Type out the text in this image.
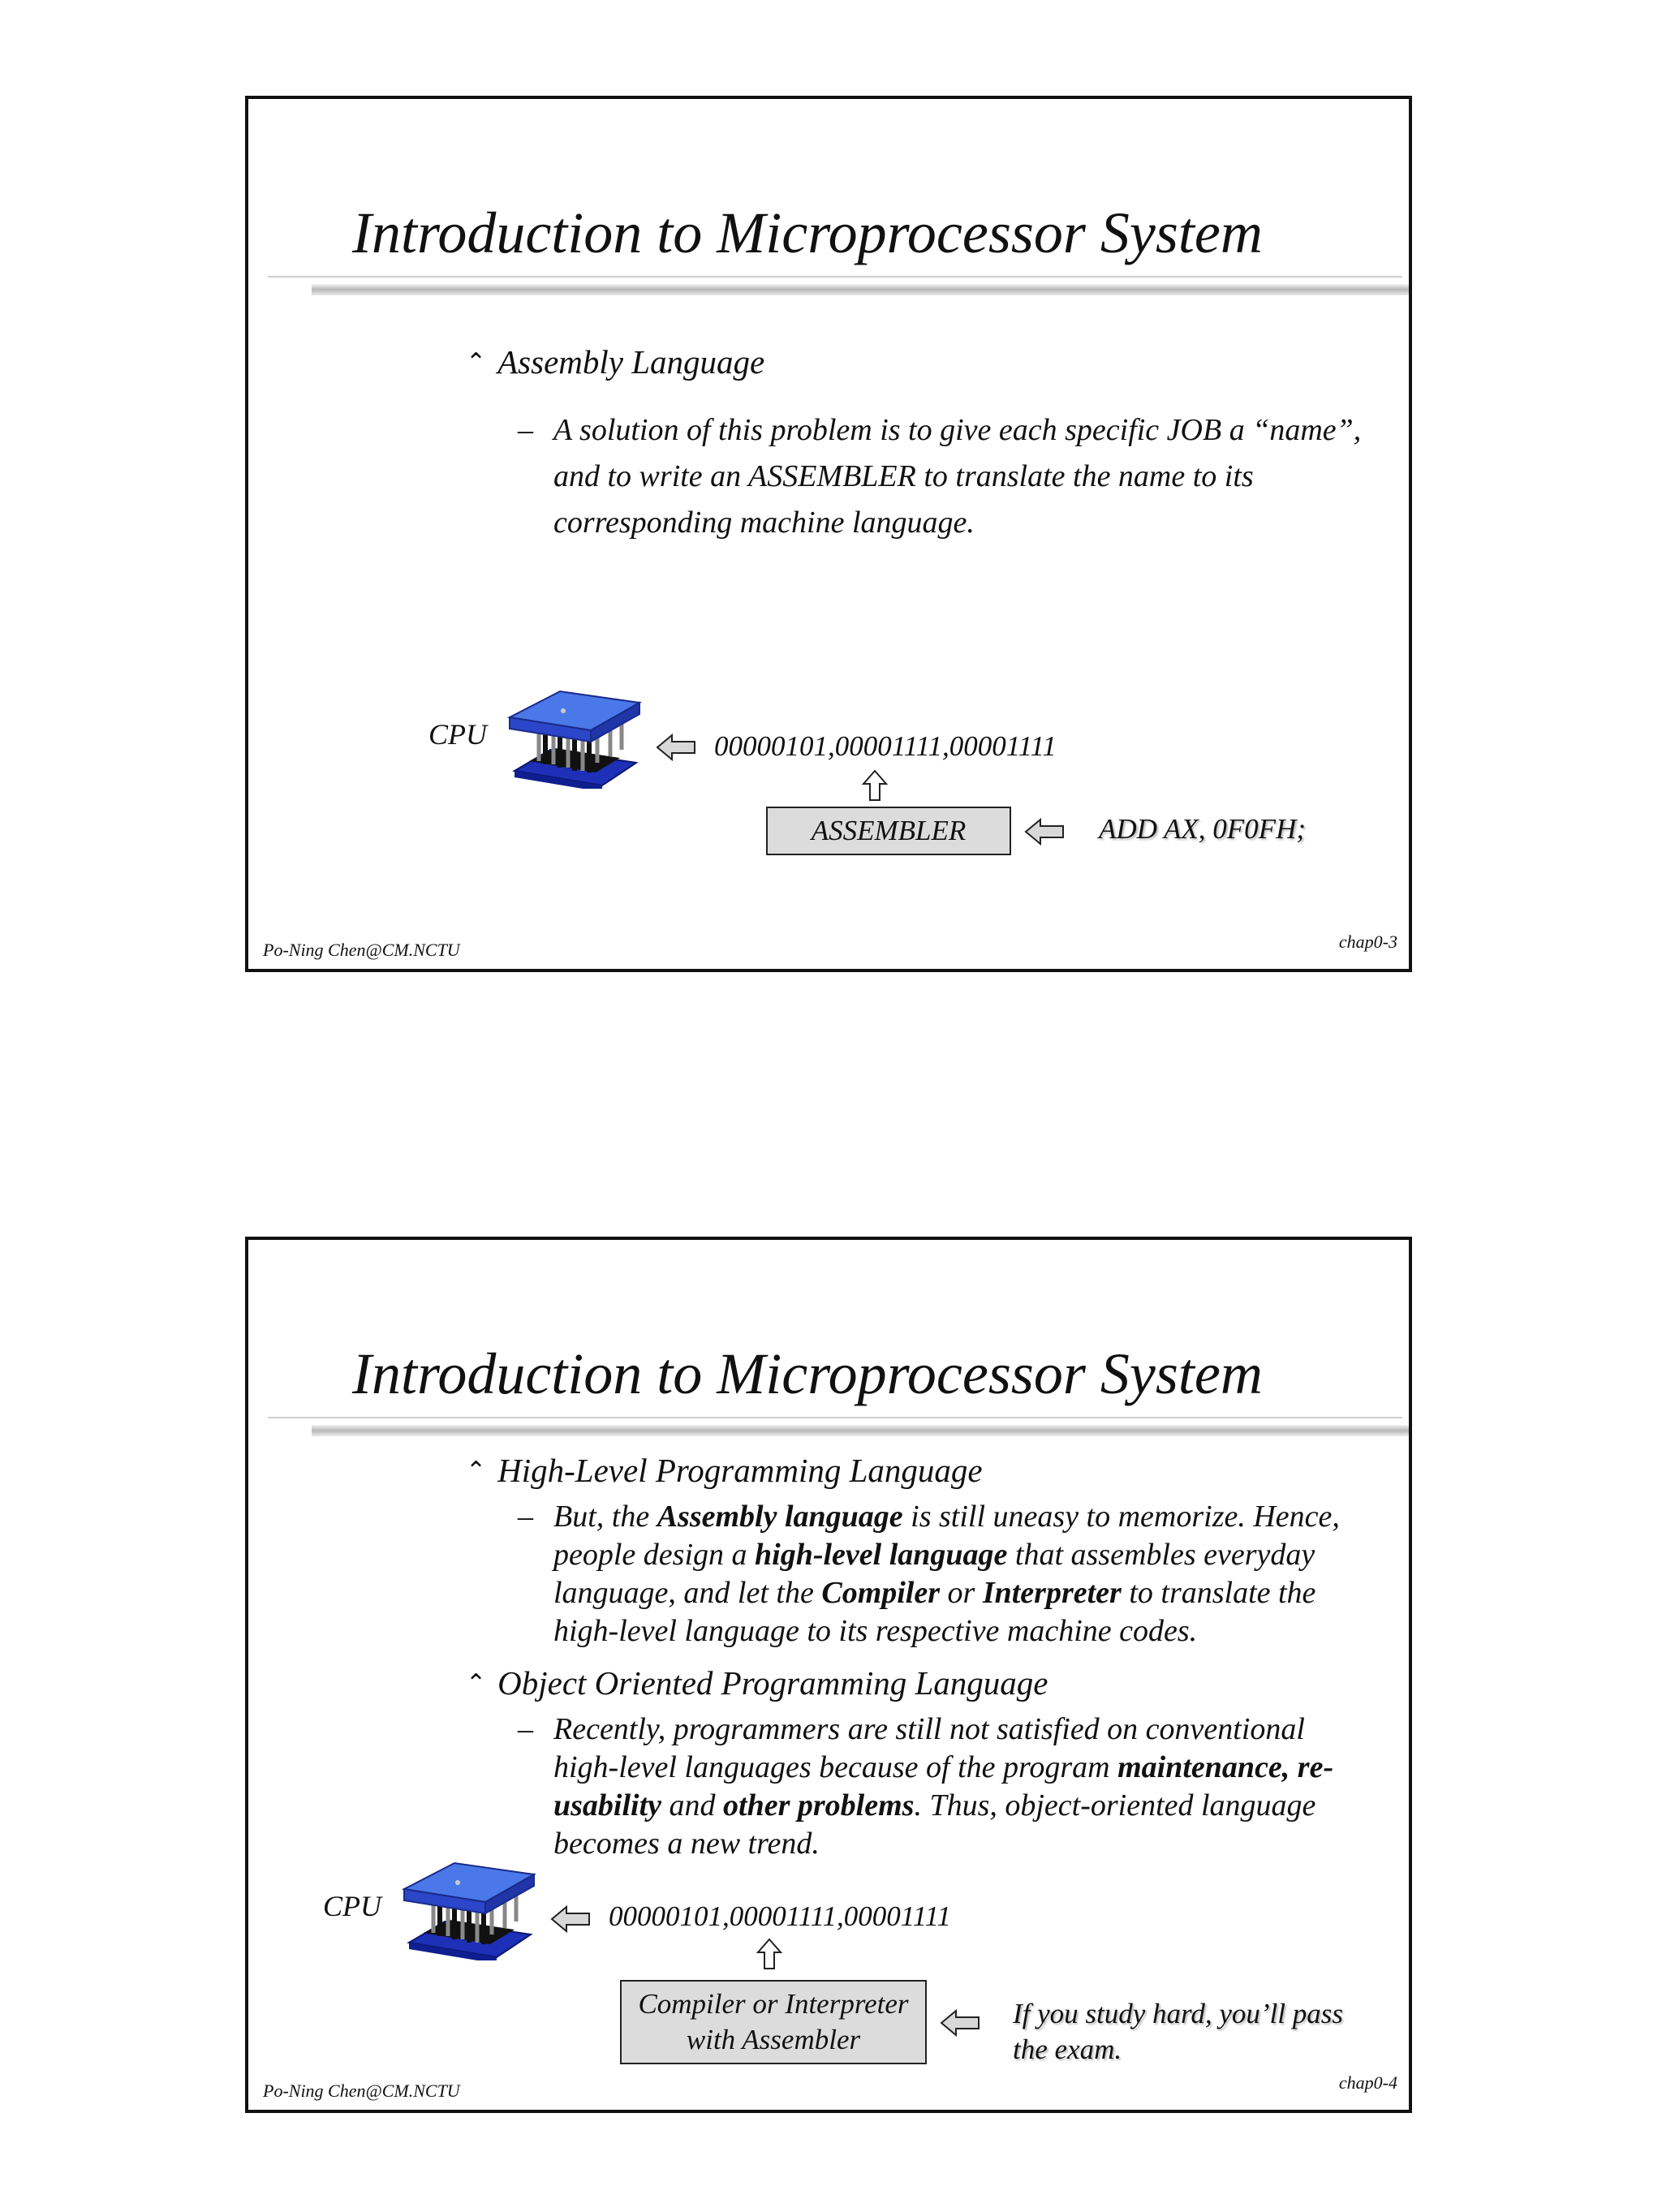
Introduction to Microprocessor System
⌃ Assembly Language
– A solution of this problem is to give each specific JOB a “name”, and to write an ASSEMBLER to translate the name to its corresponding machine language.
CPU	00000101,00001111,00001111
ASSEMBLER	ADD AX, 0F0FH;
Po-Ning Chen@CM.NCTU	chap0-3
Introduction to Microprocessor System
⌃ High-Level Programming Language
– But, the Assembly language is still uneasy to memorize. Hence, people design a high-level language that assembles everyday language, and let the Compiler or Interpreter to translate the high-level language to its respective machine codes.
⌃ Object Oriented Programming Language
– Recently, programmers are still not satisfied on conventional high-level languages because of the program maintenance, re-usability and other problems. Thus, object-oriented language becomes a new trend.
CPU	00000101,00001111,00001111
Compiler or Interpreter
with Assembler
If you study hard, you’ll pass
the exam.
Po-Ning Chen@CM.NCTU	chap0-4
